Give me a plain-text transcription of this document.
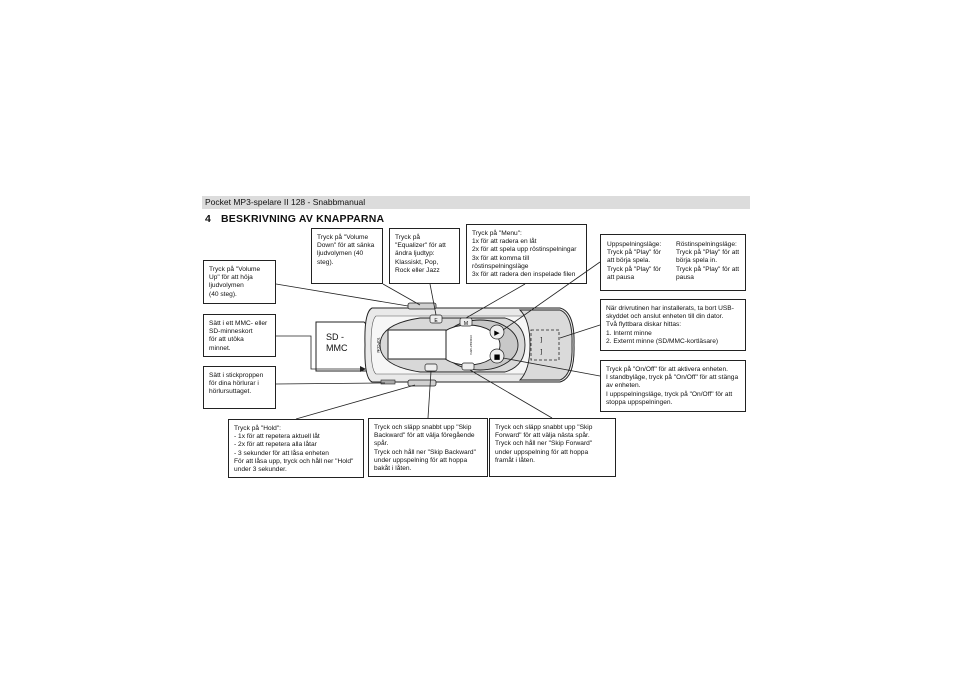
Pocket MP3-spelare II 128 - Snabbmanual
4 BESKRIVNING AV KNAPPARNA

Tryck på "Volume
Up" för att höja
ljudvolymen
(40 steg).

Tryck på "Volume
Down" för att sänka
ljudvolymen (40
steg).

Tryck på
"Equalizer" för att
ändra ljudtyp:
Klassiskt, Pop,
Rock eller Jazz

Tryck på "Menu":
1x för att radera en låt
2x för att spela upp röstinspelningar
3x för att komma till
röstinspelningsläge
3x för att radera den inspelade filen

Uppspelningsläge:
Tryck på "Play" för
att börja spela.
Tryck på "Play" för
att pausa
Röstinspelningsläge:
Tryck på "Play" för att
börja spela in.
Tryck på "Play" för att
pausa

När drivrutinen har installerats, ta bort USB-
skyddet och anslut enheten till din dator.
Två flyttbara diskar hittas:
1. Internt minne
2. Externt minne (SD/MMC-kortläsare)

Sätt i ett MMC- eller
SD-minneskort
för att utöka
minnet.

Sätt i stickproppen
för dina hörlurar i
hörlursuttaget.

Tryck på "On/Off" för att aktivera enheten.
I standbyläge, tryck på "On/Off" för att stänga
av enheten.
I uppspelningsläge, tryck på "On/Off" för att
stoppa uppspelningen.

Tryck på "Hold":
- 1x för att repetera aktuell låt
- 2x för att repetera alla låtar
- 3 sekunder för att låsa enheten
För att låsa upp, tryck och håll ner "Hold"
under 3 sekunder.

Tryck och släpp snabbt upp "Skip
Backward" för att välja föregående
spår.
Tryck och håll ner "Skip Backward"
under uppspelning för att hoppa
bakåt i låten.

Tryck och släpp snabbt upp "Skip
Forward" för att välja nästa spår.
Tryck och håll ner "Skip Forward"
under uppspelning för att hoppa
framåt i låten.

E	M
▶
■
TOPCOM	POCKET MP3	]
]
SD -
MMC
